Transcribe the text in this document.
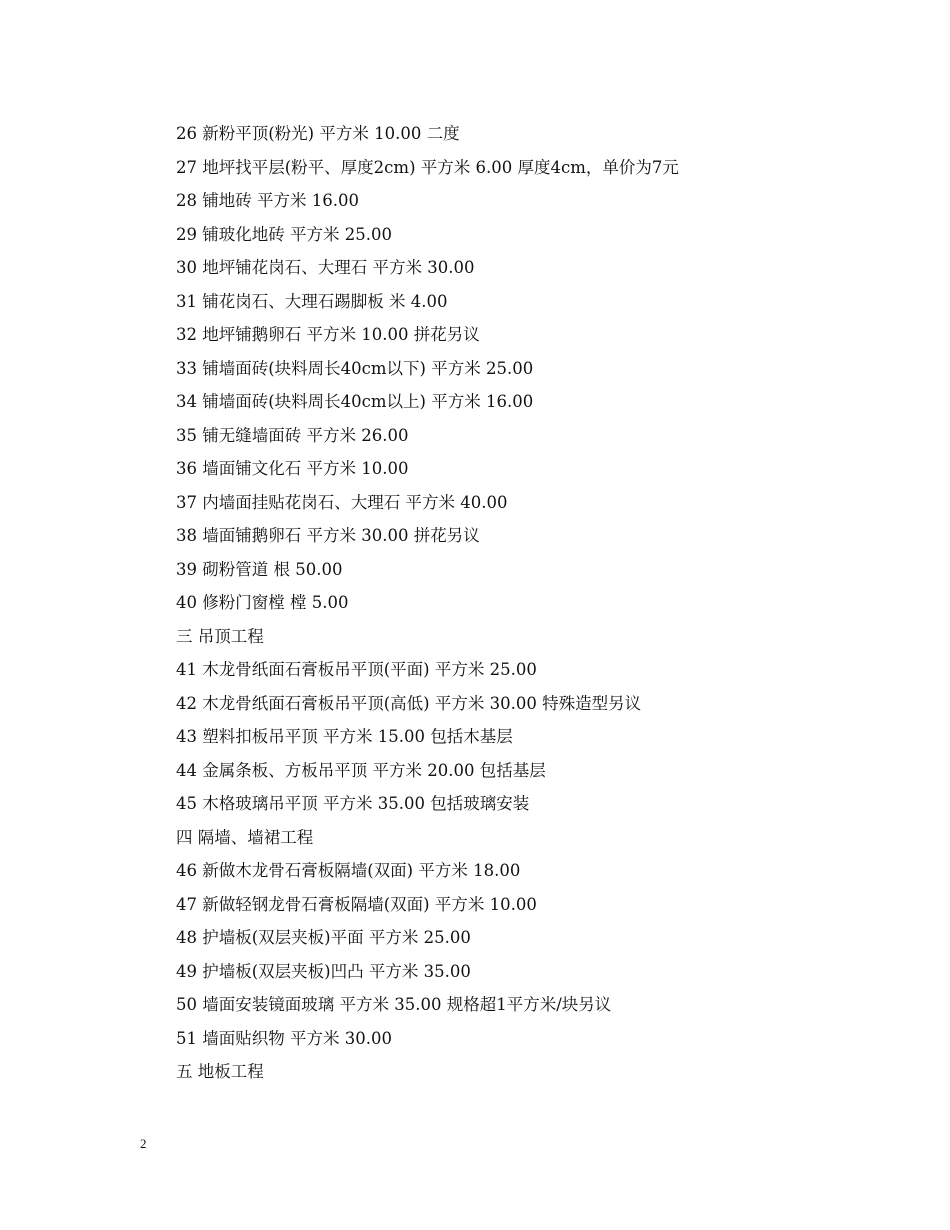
26 新粉平顶(粉光) 平方米 10.00 二度
27 地坪找平层(粉平、厚度2cm) 平方米 6.00 厚度4cm，单价为7元
28 铺地砖 平方米 16.00
29 铺玻化地砖 平方米 25.00
30 地坪铺花岗石、大理石 平方米 30.00
31 铺花岗石、大理石踢脚板 米 4.00
32 地坪铺鹅卵石 平方米 10.00 拼花另议
33 铺墙面砖(块料周长40cm以下) 平方米 25.00
34 铺墙面砖(块料周长40cm以上) 平方米 16.00
35 铺无缝墙面砖 平方米 26.00
36 墙面铺文化石 平方米 10.00
37 内墙面挂贴花岗石、大理石 平方米 40.00
38 墙面铺鹅卵石 平方米 30.00 拼花另议
39 砌粉管道 根 50.00
40 修粉门窗樘 樘 5.00
三 吊顶工程
41 木龙骨纸面石膏板吊平顶(平面) 平方米 25.00
42 木龙骨纸面石膏板吊平顶(高低) 平方米 30.00 特殊造型另议
43 塑料扣板吊平顶 平方米 15.00 包括木基层
44 金属条板、方板吊平顶 平方米 20.00 包括基层
45 木格玻璃吊平顶 平方米 35.00 包括玻璃安装
四 隔墙、墙裙工程
46 新做木龙骨石膏板隔墙(双面) 平方米 18.00
47 新做轻钢龙骨石膏板隔墙(双面) 平方米 10.00
48 护墙板(双层夹板)平面 平方米 25.00
49 护墙板(双层夹板)凹凸 平方米 35.00
50 墙面安装镜面玻璃 平方米 35.00 规格超1平方米/块另议
51 墙面贴织物 平方米 30.00
五 地板工程
2
